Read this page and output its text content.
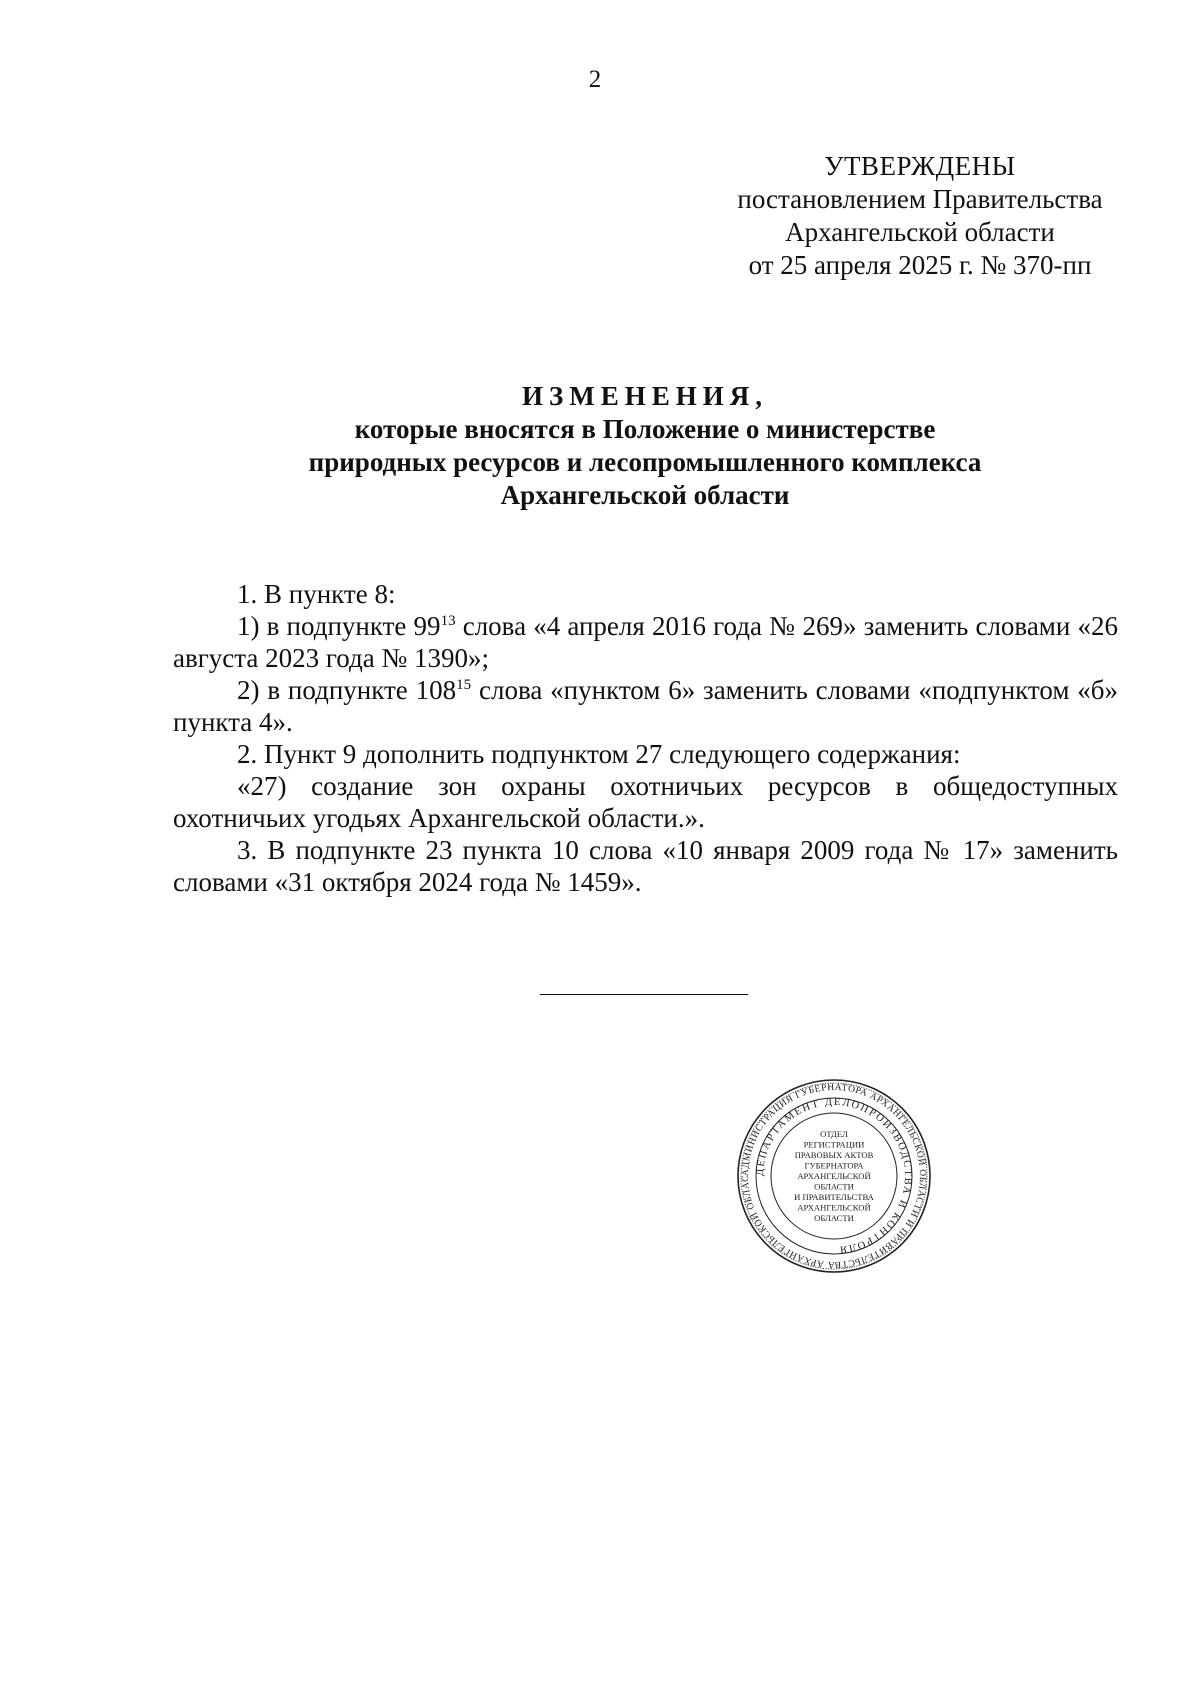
2
УТВЕРЖДЕНЫ
постановлением Правительства
Архангельской области
от 25 апреля 2025 г. № 370-пп
ИЗМЕНЕНИЯ,
которые вносятся в Положение о министерстве
природных ресурсов и лесопромышленного комплекса
Архангельской области

1. В пункте 8:

1) в подпункте $99^{13}$ слова «4 апреля 2016 года № 269» заменить словами «26 августа 2023 года № 1390»;

2) в подпункте $108^{15}$ слова «пунктом 6» заменить словами «подпунктом «б» пункта 4».

2. Пункт 9 дополнить подпунктом 27 следующего содержания:

«27) создание зон охраны охотничьих ресурсов в общедоступных охотничьих угодьях Архангельской области.».

3. В подпункте 23 пункта 10 слова «10 января 2009 года № 17» заменить словами «31 октября 2024 года № 1459».

АДМИНИСТРАЦИЯ ГУБЕРНАТОРА АРХАНГЕЛЬСКОЙ ОБЛАСТИ И ПРАВИТЕЛЬСТВА АРХАНГЕЛЬСКОЙ ОБЛАС
ДЕПАРТАМЕНТ ДЕЛОПРОИЗВОДСТВА И КОНТРОЛЯ
ОТДЕЛ
РЕГИСТРАЦИИ
ПРАВОВЫХ АКТОВ
ГУБЕРНАТОРА
АРХАНГЕЛЬСКОЙ
ОБЛАСТИ
И ПРАВИТЕЛЬСТВА
АРХАНГЕЛЬСКОЙ
ОБЛАСТИ
